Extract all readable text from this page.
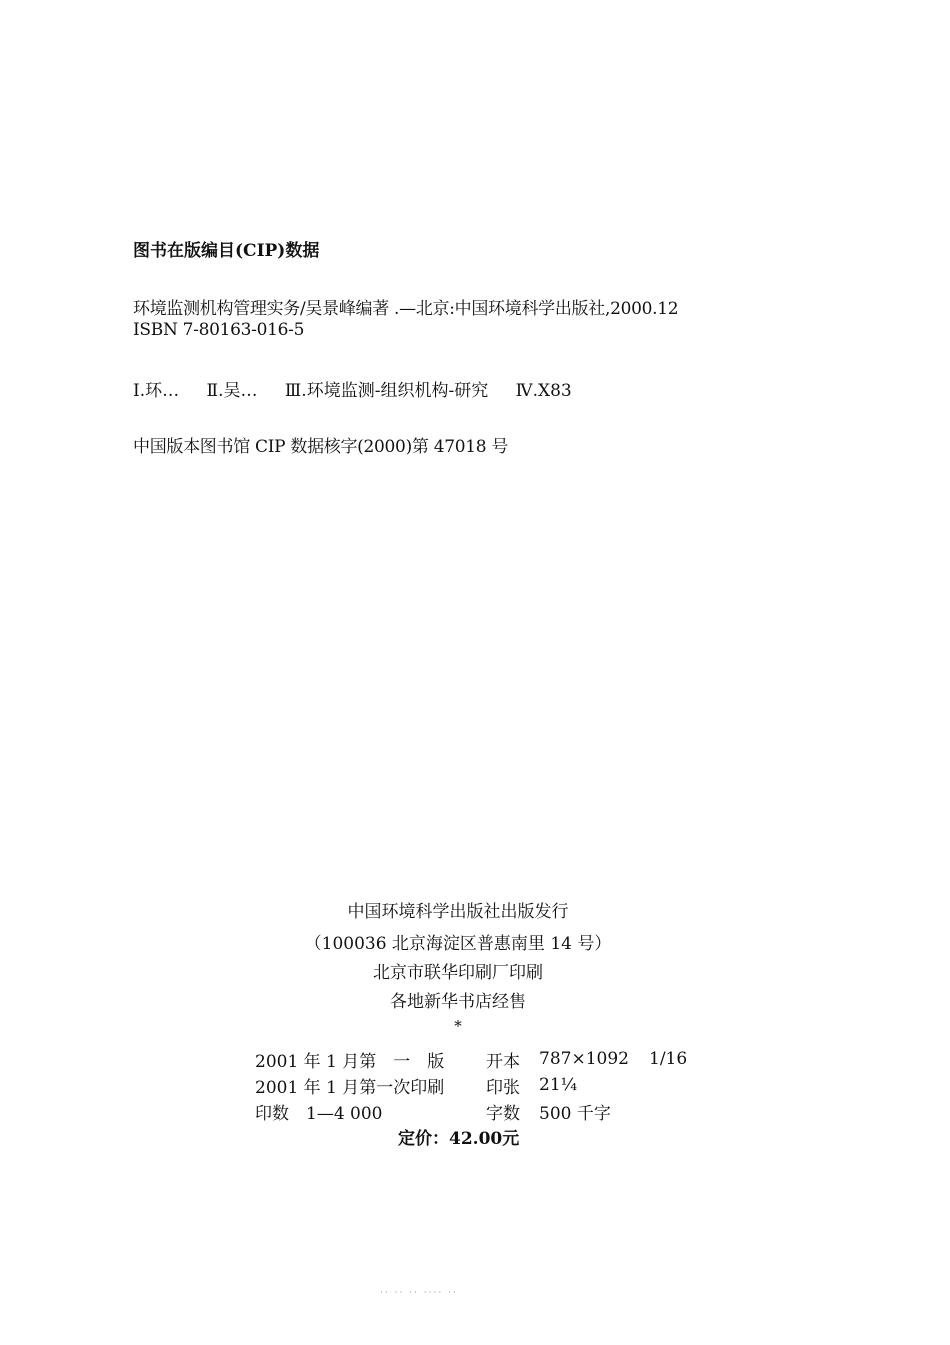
图书在版编目(CIP)数据
环境监测机构管理实务/吴景峰编著 .—北京:中国环境科学出版社,2000.12
ISBN 7-80163-016-5
Ⅰ.环… Ⅱ.吴… Ⅲ.环境监测-组织机构-研究 Ⅳ.X83
中国版本图书馆 CIP 数据核字(2000)第 47018 号
中国环境科学出版社出版发行
（100036 北京海淀区普惠南里 14 号）
北京市联华印刷厂印刷
各地新华书店经售
*
2001 年 1 月第　一　版	开本	787×1092	1/16
2001 年 1 月第一次印刷	印张	21¼	
印数　1—4 000	字数	500 千字	
定价：42.00元
·· ·· ·· ···· ··
